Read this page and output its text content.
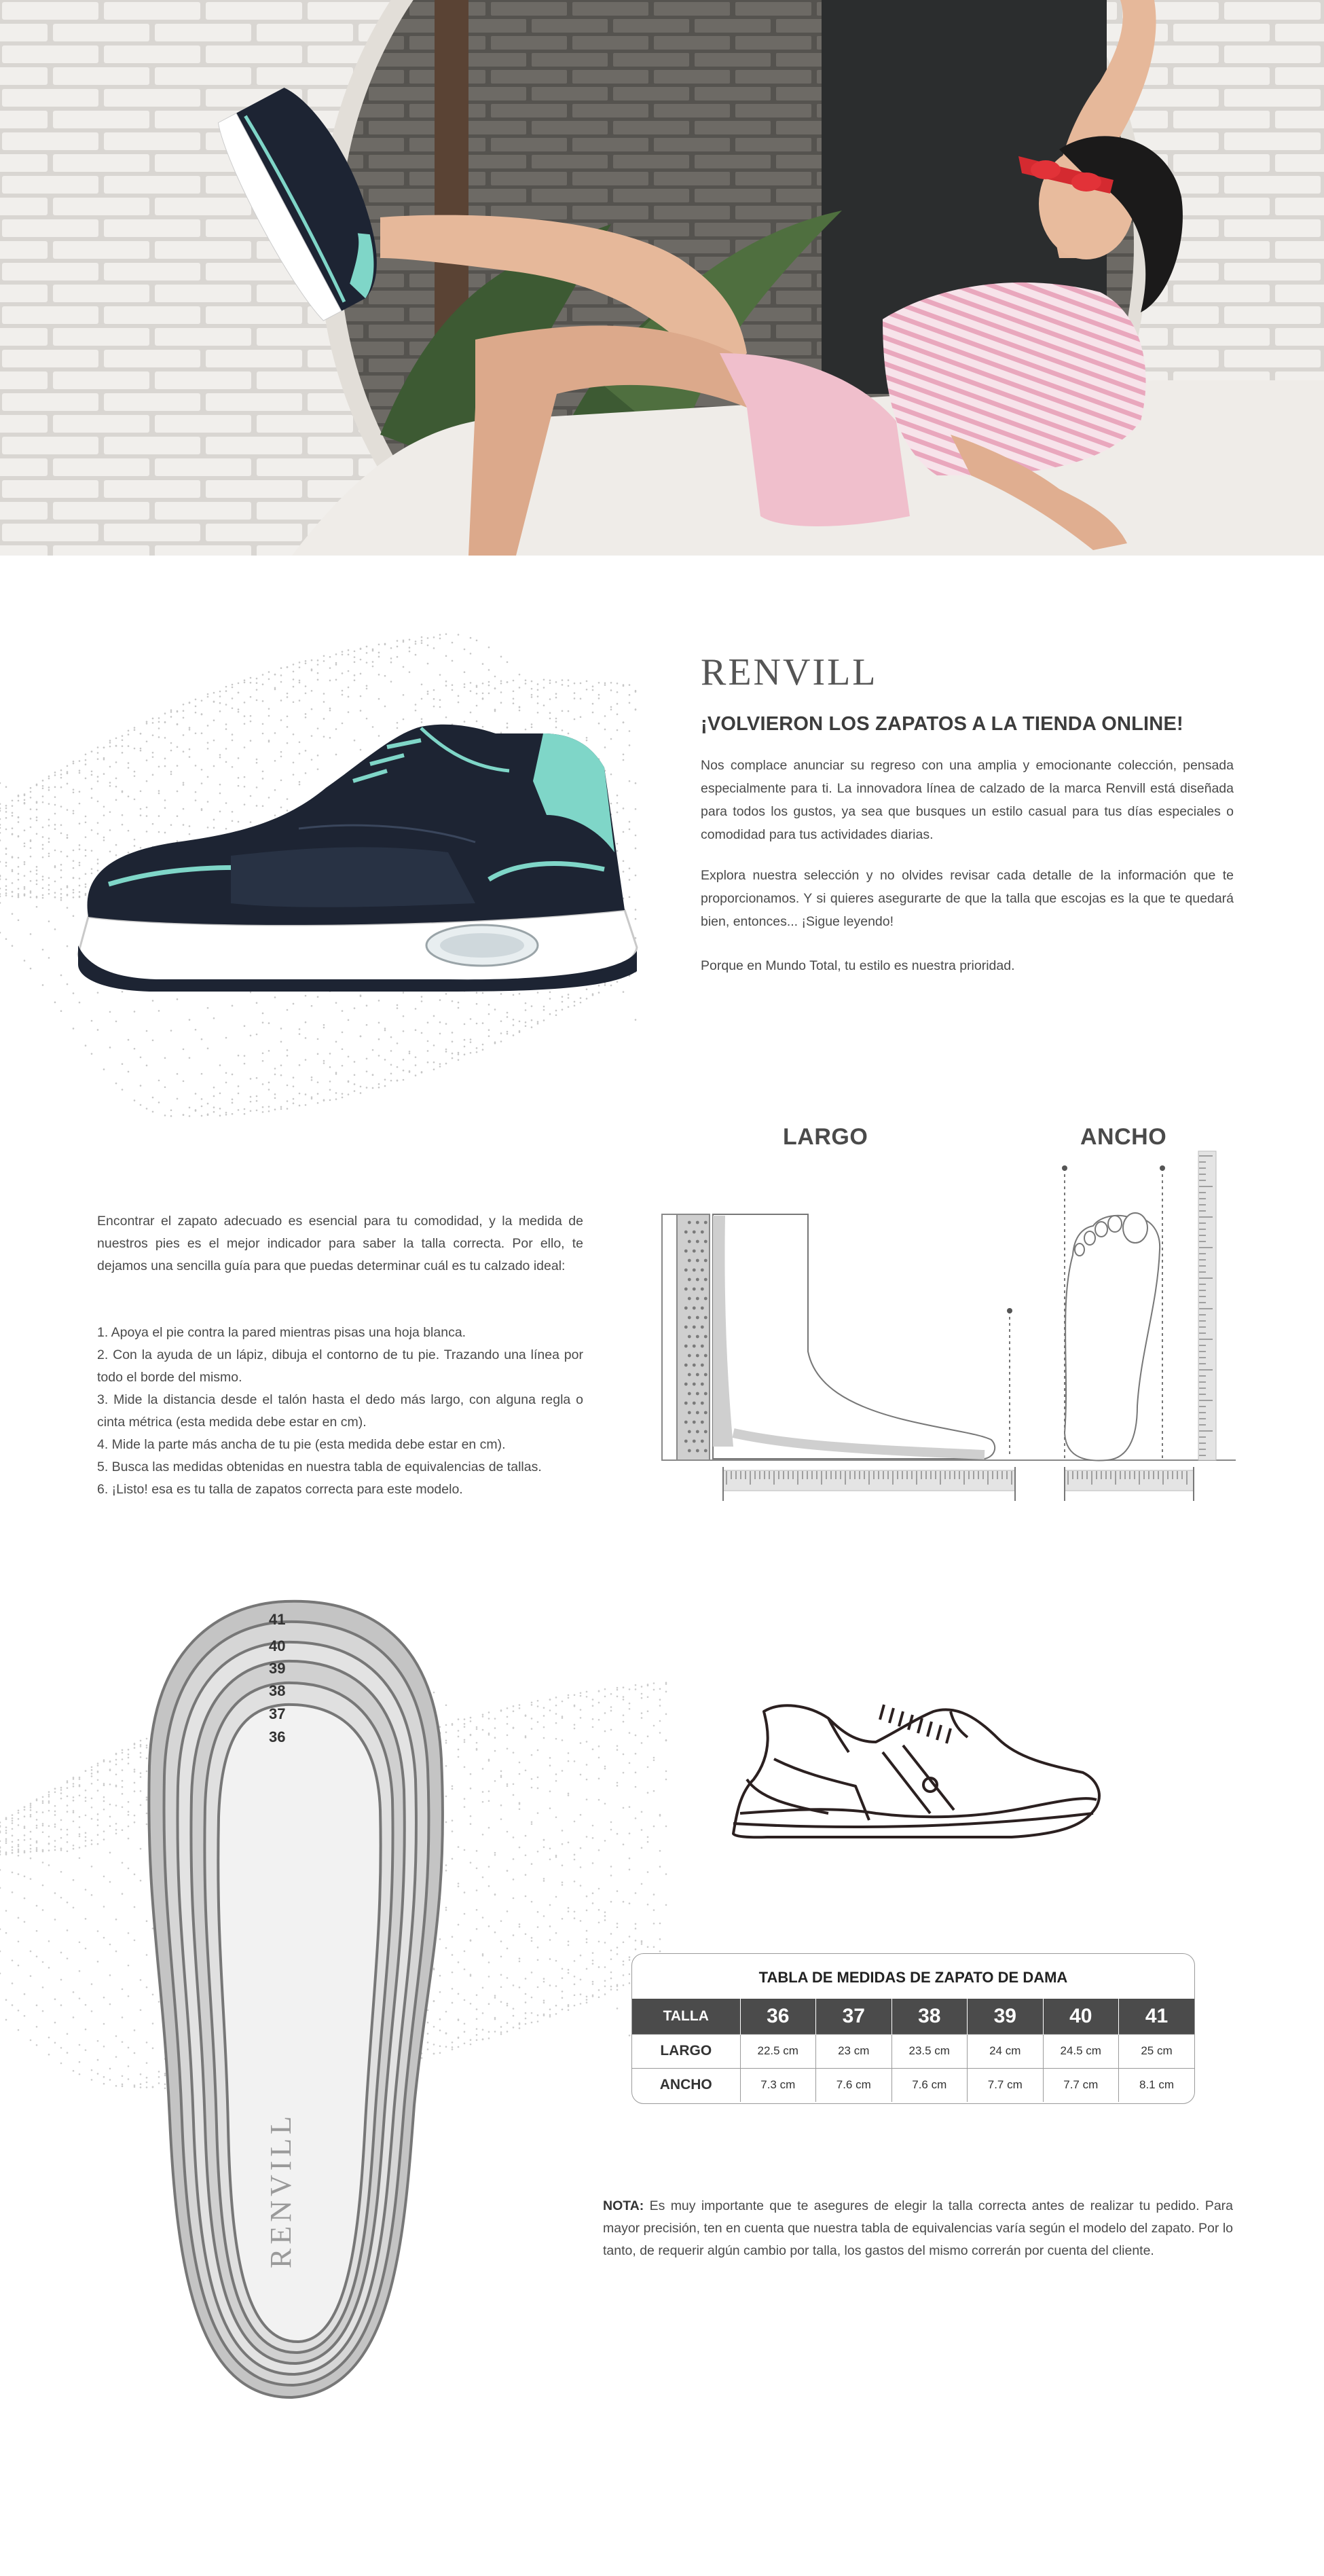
RENVILL
¡VOLVIERON LOS ZAPATOS A LA TIENDA ONLINE!

Nos complace anunciar su regreso con una amplia y emocionante colección, pensada especialmente para ti. La innovadora línea de calzado de la marca Renvill está diseñada para todos los gustos, ya sea que busques un estilo casual para tus días especiales o comodidad para tus actividades diarias.

Explora nuestra selección y no olvides revisar cada detalle de la información que te proporcionamos. Y si quieres asegurarte de que la talla que escojas es la que te quedará bien, entonces... ¡Sigue leyendo!

Porque en Mundo Total, tu estilo es nuestra prioridad.

Encontrar el zapato adecuado es esencial para tu comodidad, y la medida de nuestros pies es el mejor indicador para saber la talla correcta. Por ello, te dejamos una sencilla guía para que puedas determinar cuál es tu calzado ideal:

1. Apoya el pie contra la pared mientras pisas una hoja blanca.
2. Con la ayuda de un lápiz, dibuja el contorno de tu pie. Trazando una línea por todo el borde del mismo.
3. Mide la distancia desde el talón hasta el dedo más largo, con alguna regla o cinta métrica (esta medida debe estar en cm).
4. Mide la parte más ancha de tu pie (esta medida debe estar en cm).
5. Busca las medidas obtenidas en nuestra tabla de equivalencias de tallas.
6. ¡Listo! esa es tu talla de zapatos correcta para este modelo.
LARGO	ANCHO
41
40
39
38
37
36
RENVILL
TABLA DE MEDIDAS DE ZAPATO DE DAMA
TALLA	36	37	38	39	40	41
LARGO	22.5 cm	23 cm	23.5 cm	24 cm	24.5 cm	25 cm
ANCHO	7.3 cm	7.6 cm	7.6 cm	7.7 cm	7.7 cm	8.1 cm

NOTA: Es muy importante que te asegures de elegir la talla correcta antes de realizar tu pedido. Para mayor precisión, ten en cuenta que nuestra tabla de equivalencias varía según el modelo del zapato. Por lo tanto, de requerir algún cambio por talla, los gastos del mismo correrán por cuenta del cliente.
